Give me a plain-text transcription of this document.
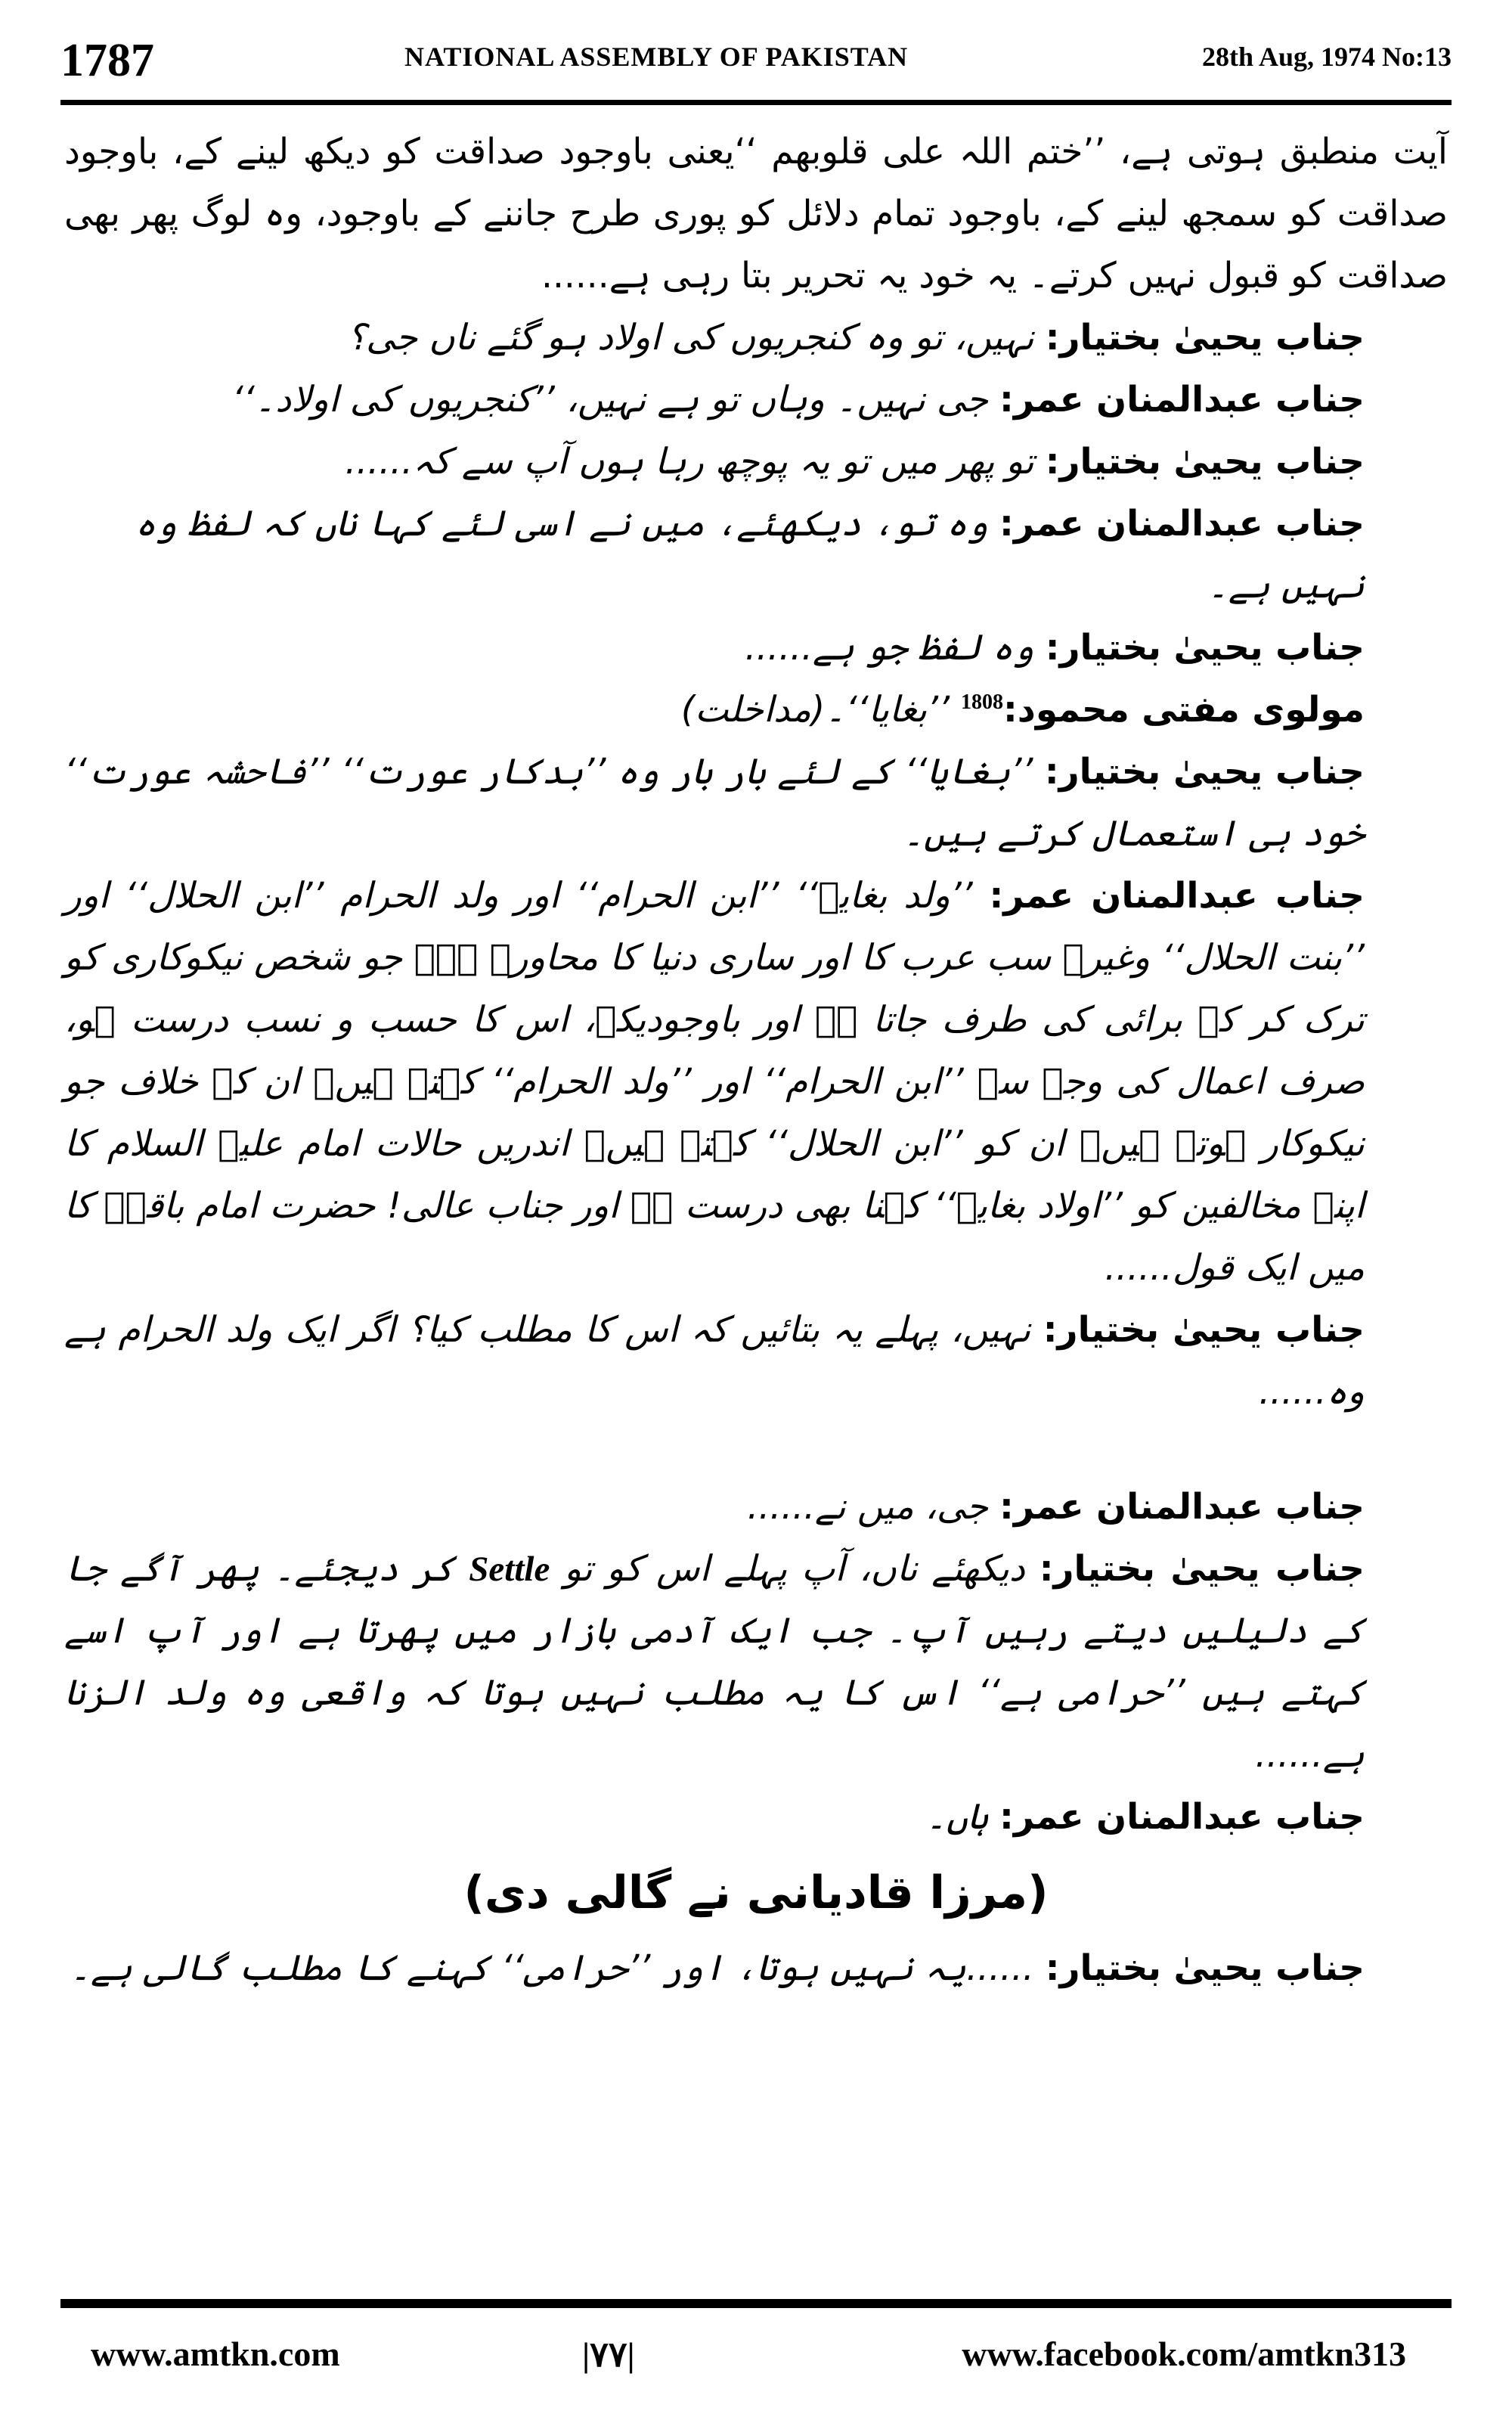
1787	NATIONAL ASSEMBLY OF PAKISTAN	28th Aug, 1974 No:13

آیت منطبق ہوتی ہے، ’’ختم اللہ علی قلوبھم ‘‘یعنی باوجود صداقت کو دیکھ لینے کے، باوجود صداقت کو سمجھ لینے کے، باوجود تمام دلائل کو پوری طرح جاننے کے باوجود، وہ لوگ پھر بھی صداقت کو قبول نہیں کرتے۔ یہ خود یہ تحریر بتا رہی ہے......

جناب یحییٰ بختیار: نہیں، تو وہ کنجریوں کی اولاد ہو گئے ناں جی؟

جناب عبدالمنان عمر: جی نہیں۔ وہاں تو ہے نہیں، ’’کنجریوں کی اولاد۔‘‘

جناب یحییٰ بختیار: تو پھر میں تو یہ پوچھ رہا ہوں آپ سے کہ......

جناب عبدالمنان عمر: وہ تو، دیکھئے، میں نے اسی لئے کہا ناں کہ لفظ وہ نہیں ہے۔

جناب یحییٰ بختیار: وہ لفظ جو ہے......

مولوی مفتی محمود:1808 ’’بغایا‘‘۔(مداخلت)

جناب یحییٰ بختیار: ’’بغایا‘‘ کے لئے بار بار وہ ’’بدکار عورت‘‘ ’’فاحشہ عورت‘‘ خود ہی استعمال کرتے ہیں۔

جناب عبدالمنان عمر: ’’ولد بغایہ‘‘ ’’ابن الحرام‘‘ اور ولد الحرام ’’ابن الحلال‘‘ اور ’’بنت الحلال‘‘ وغیرہ سب عرب کا اور ساری دنیا کا محاورہ ہے۔ جو شخص نیکوکاری کو ترک کر کے برائی کی طرف جاتا ہے اور باوجودیکہ، اس کا حسب و نسب درست ہو، صرف اعمال کی وجہ سے ’’ابن الحرام‘‘ اور ’’ولد الحرام‘‘ کہتے ہیں۔ ان کے خلاف جو نیکوکار ہوتے ہیں۔ ان کو ’’ابن الحلال‘‘ کہتے ہیں۔ اندریں حالات امام علیہ السلام کا اپنے مخالفین کو ’’اولاد بغایہ‘‘ کہنا بھی درست ہے اور جناب عالی! حضرت امام باقرؒ کا میں ایک قول......

جناب یحییٰ بختیار: نہیں، پہلے یہ بتائیں کہ اس کا مطلب کیا؟ اگر ایک ولد الحرام ہے وہ......

جناب عبدالمنان عمر: جی، میں نے......

جناب یحییٰ بختیار: دیکھئے ناں، آپ پہلے اس کو تو Settle کر دیجئے۔ پھر آگے جا کے دلیلیں دیتے رہیں آپ۔ جب ایک آدمی بازار میں پھرتا ہے اور آپ اسے کہتے ہیں ’’حرامی ہے‘‘ اس کا یہ مطلب نہیں ہوتا کہ واقعی وہ ولد الزنا ہے......

جناب عبدالمنان عمر: ہاں۔

(مرزا قادیانی نے گالی دی)

جناب یحییٰ بختیار: ......یہ نہیں ہوتا، اور ’’حرامی‘‘ کہنے کا مطلب گالی ہے۔

www.amtkn.com	|۷۷|	www.facebook.com/amtkn313
